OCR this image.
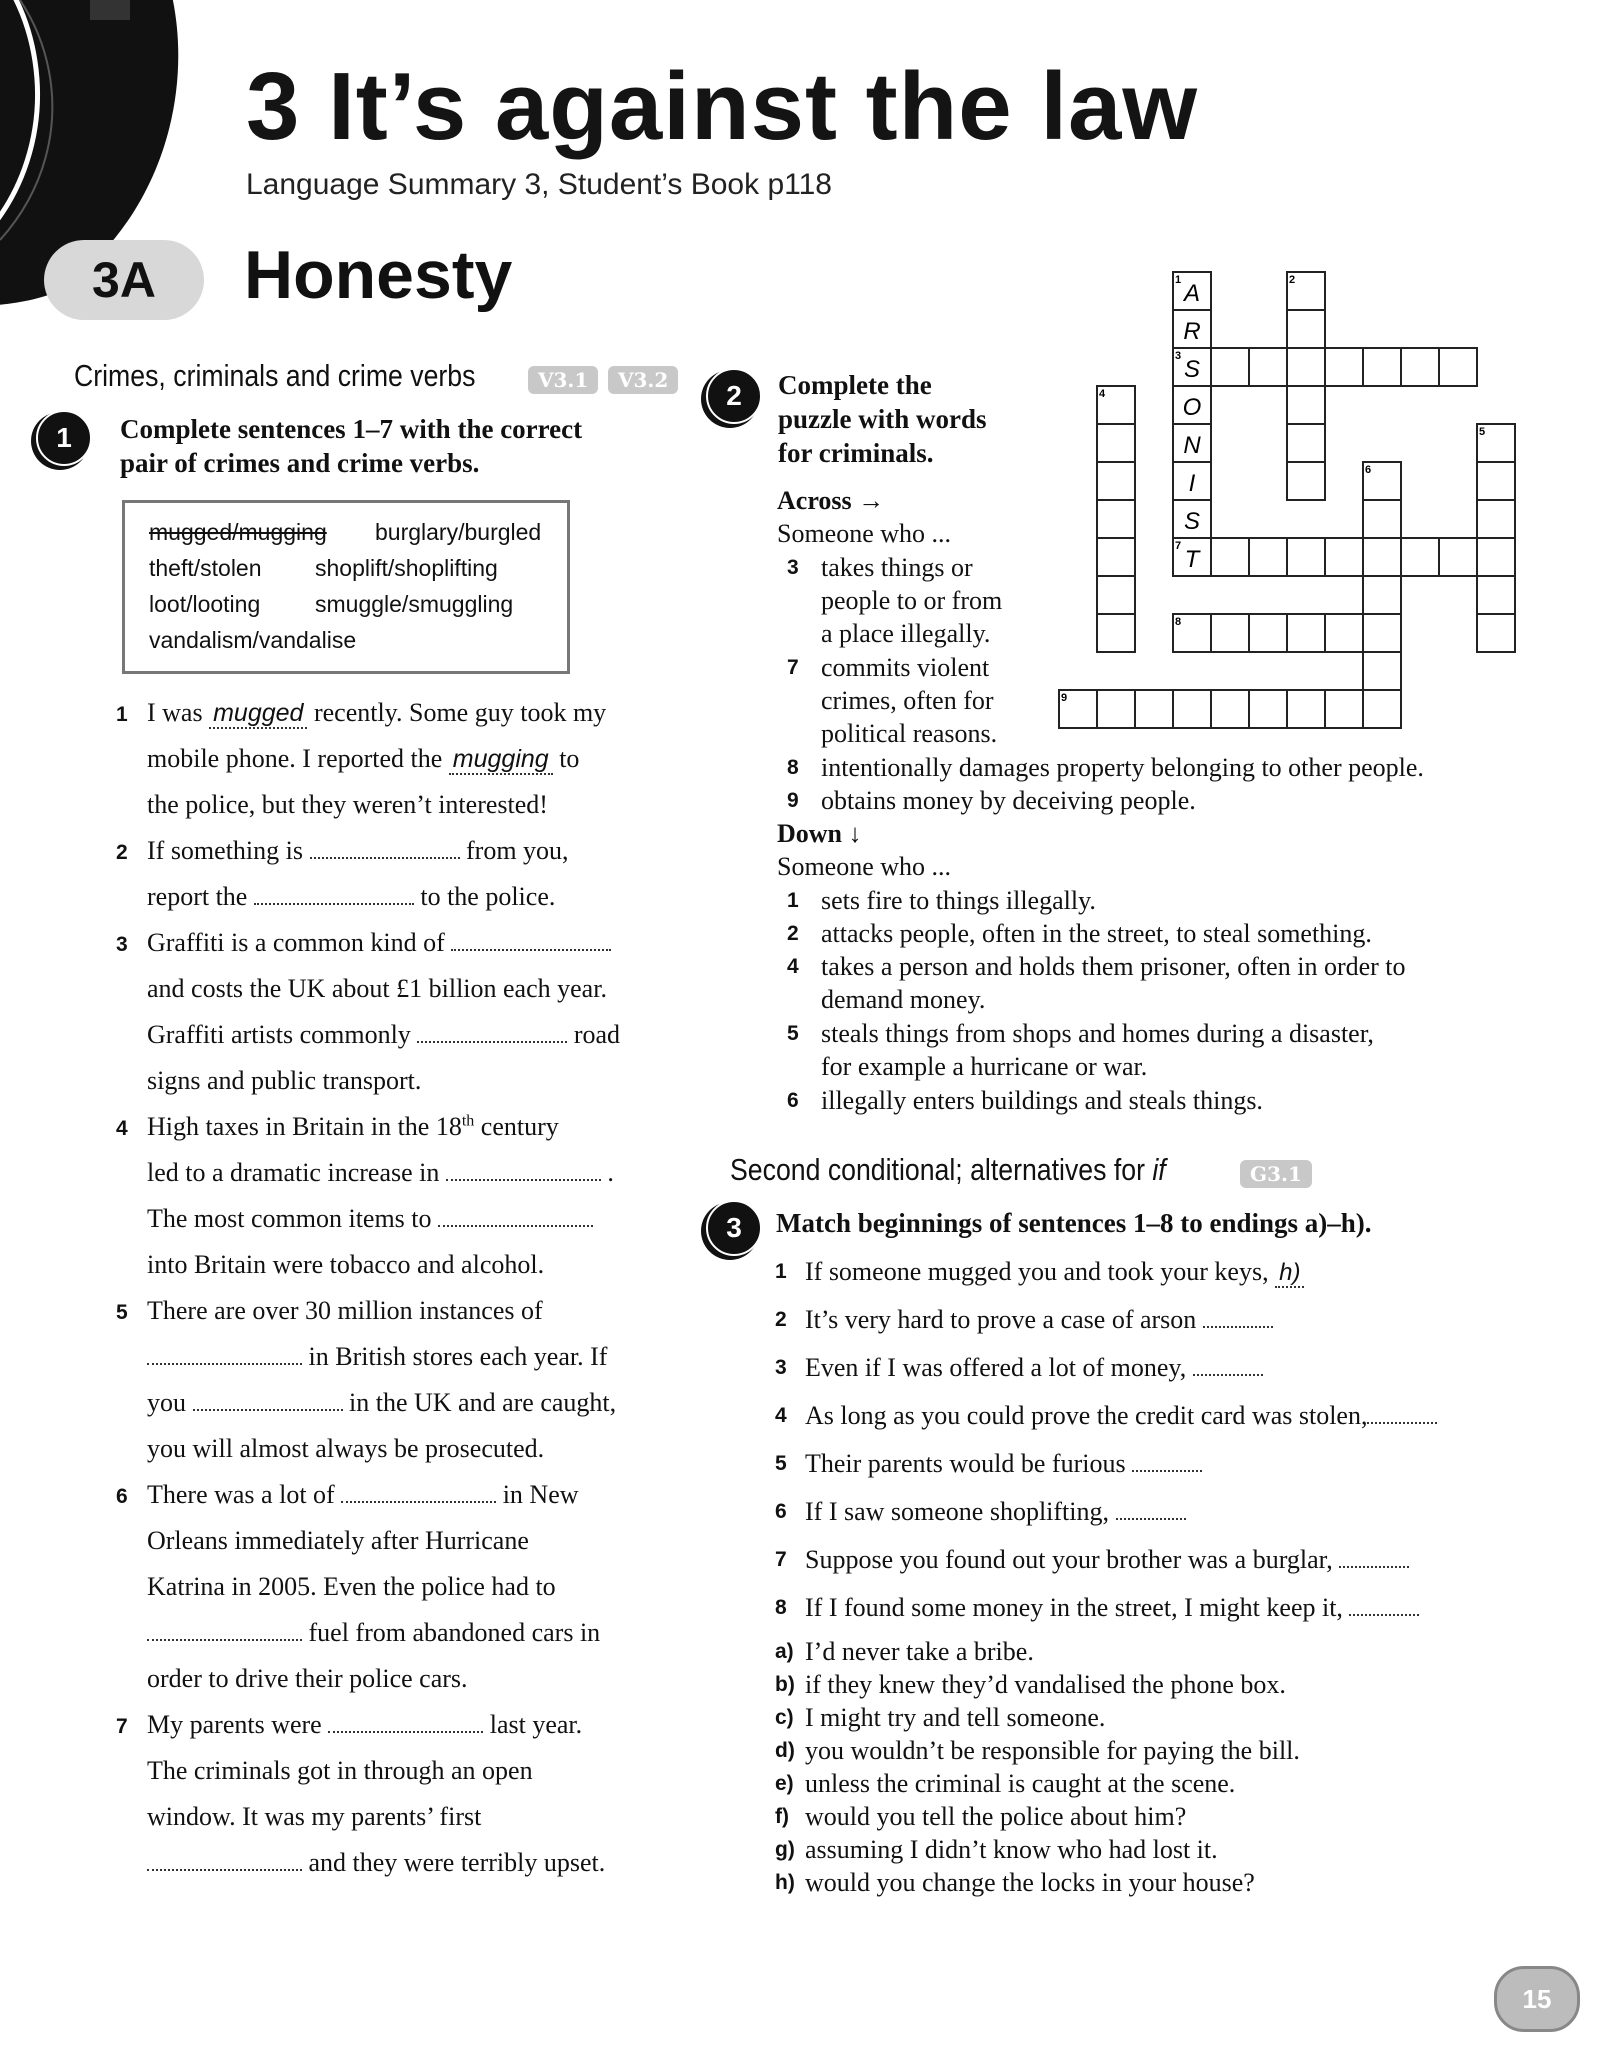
3 It’s against the law
Language Summary 3, Student’s Book p118
3A	Honesty
Crimes, criminals and crime verbs	V3.1	V3.2
1	Complete sentences 1–7 with the correct
pair of crimes and crime verbs.
mugged/mugging burglary/burgled
theft/stolen shoplift/shoplifting
loot/looting smuggle/smuggling
vandalism/vandalise
1 I was mugged recently. Some guy took my
mobile phone. I reported the mugging to
the police, but they weren’t interested!
2 If something is	from you,
report the	to the police.
3 Graffiti is a common kind of
and costs the UK about £1 billion each year.
Graffiti artists commonly	road
signs and public transport.
4 High taxes in Britain in the 18th century
led to a dramatic increase in	.
The most common items to
into Britain were tobacco and alcohol.
5 There are over 30 million instances of
in British stores each year. If
you	in the UK and are caught,
you will almost always be prosecuted.
6 There was a lot of	in New
Orleans immediately after Hurricane
Katrina in 2005. Even the police had to
fuel from abandoned cars in
order to drive their police cars.
7 My parents were	last year.
The criminals got in through an open
window. It was my parents’ first
and they were terribly upset.
2	Complete the
puzzle with words
for criminals.
A
R
S
O
N
I
S
T
1	2
3
4
5
6
7
8
9
Across →
Someone who ...
3 takes things or
people to or from
a place illegally.
7 commits violent
crimes, often for
political reasons.
8 intentionally damages property belonging to other people.
9 obtains money by deceiving people.
Down ↓
Someone who ...
1 sets fire to things illegally.
2 attacks people, often in the street, to steal something.
4 takes a person and holds them prisoner, often in order to
demand money.
5 steals things from shops and homes during a disaster,
for example a hurricane or war.
6 illegally enters buildings and steals things.
Second conditional; alternatives for if	G3.1
3	Match beginnings of sentences 1–8 to endings a)–h).
1 If someone mugged you and took your keys, h)
2 It’s very hard to prove a case of arson
3 Even if I was offered a lot of money,
4 As long as you could prove the credit card was stolen,
5 Their parents would be furious
6 If I saw someone shoplifting,
7 Suppose you found out your brother was a burglar,
8 If I found some money in the street, I might keep it,
a) I’d never take a bribe.
b) if they knew they’d vandalised the phone box.
c) I might try and tell someone.
d) you wouldn’t be responsible for paying the bill.
e) unless the criminal is caught at the scene.
f) would you tell the police about him?
g) assuming I didn’t know who had lost it.
h) would you change the locks in your house?
15
